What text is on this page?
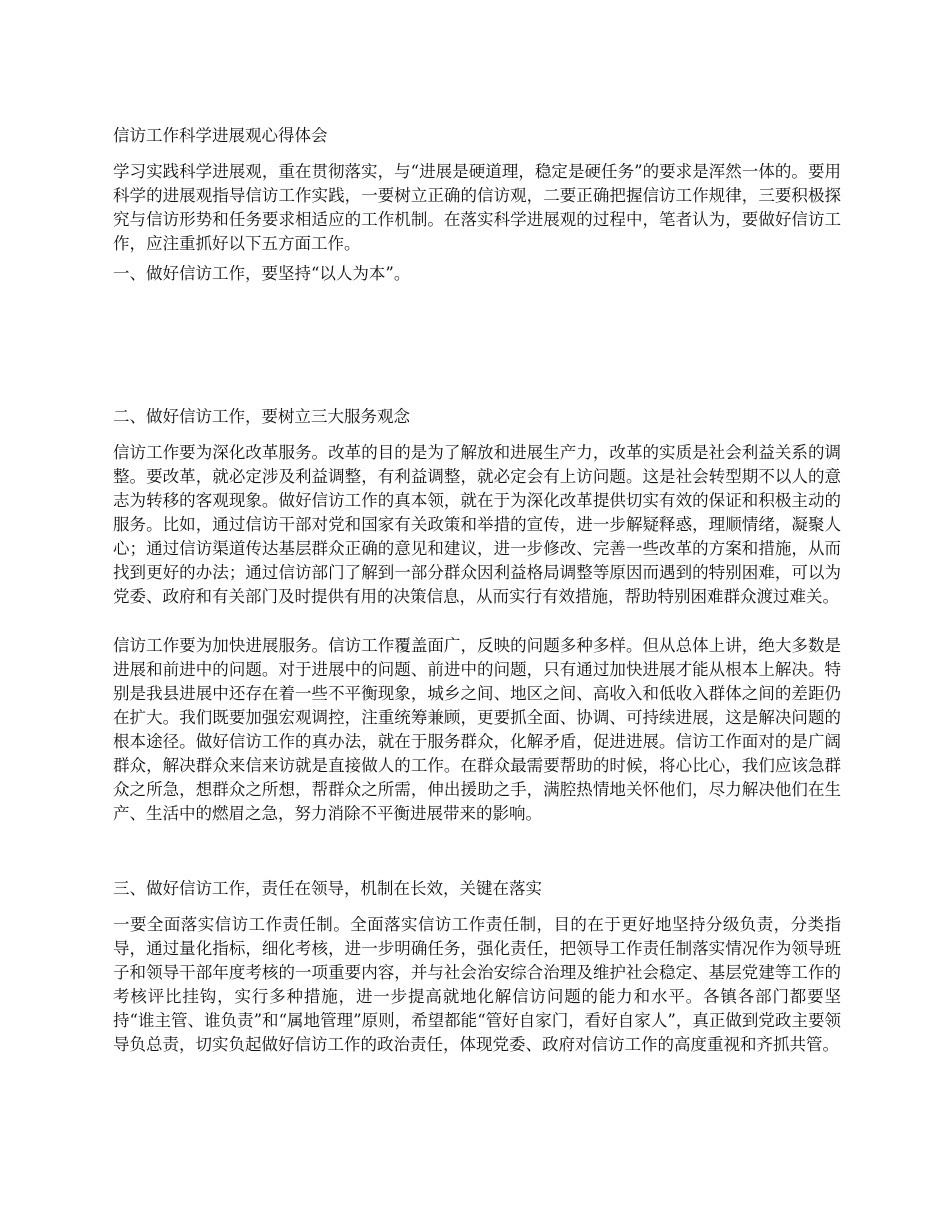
信访工作科学进展观心得体会

学习实践科学进展观，重在贯彻落实，与“进展是硬道理，稳定是硬任务”的要求是浑然一体的。要用科学的进展观指导信访工作实践，一要树立正确的信访观，二要正确把握信访工作规律，三要积极探究与信访形势和任务要求相适应的工作机制。在落实科学进展观的过程中，笔者认为，要做好信访工作，应注重抓好以下五方面工作。

一、做好信访工作，要坚持“以人为本”。

二、做好信访工作，要树立三大服务观念

信访工作要为深化改革服务。改革的目的是为了解放和进展生产力，改革的实质是社会利益关系的调整。要改革，就必定涉及利益调整，有利益调整，就必定会有上访问题。这是社会转型期不以人的意志为转移的客观现象。做好信访工作的真本领，就在于为深化改革提供切实有效的保证和积极主动的服务。比如，通过信访干部对党和国家有关政策和举措的宣传，进一步解疑释惑，理顺情绪，凝聚人心；通过信访渠道传达基层群众正确的意见和建议，进一步修改、完善一些改革的方案和措施，从而找到更好的办法；通过信访部门了解到一部分群众因利益格局调整等原因而遇到的特别困难，可以为党委、政府和有关部门及时提供有用的决策信息，从而实行有效措施，帮助特别困难群众渡过难关。

信访工作要为加快进展服务。信访工作覆盖面广，反映的问题多种多样。但从总体上讲，绝大多数是进展和前进中的问题。对于进展中的问题、前进中的问题，只有通过加快进展才能从根本上解决。特别是我县进展中还存在着一些不平衡现象，城乡之间、地区之间、高收入和低收入群体之间的差距仍在扩大。我们既要加强宏观调控，注重统筹兼顾，更要抓全面、协调、可持续进展，这是解决问题的根本途径。做好信访工作的真办法，就在于服务群众，化解矛盾，促进进展。信访工作面对的是广阔群众，解决群众来信来访就是直接做人的工作。在群众最需要帮助的时候，将心比心，我们应该急群众之所急，想群众之所想，帮群众之所需，伸出援助之手，满腔热情地关怀他们，尽力解决他们在生产、生活中的燃眉之急，努力消除不平衡进展带来的影响。

三、做好信访工作，责任在领导，机制在长效，关键在落实

一要全面落实信访工作责任制。全面落实信访工作责任制，目的在于更好地坚持分级负责，分类指导，通过量化指标，细化考核，进一步明确任务，强化责任，把领导工作责任制落实情况作为领导班子和领导干部年度考核的一项重要内容，并与社会治安综合治理及维护社会稳定、基层党建等工作的考核评比挂钩，实行多种措施，进一步提高就地化解信访问题的能力和水平。各镇各部门都要坚持“谁主管、谁负责”和“属地管理”原则，希望都能“管好自家门，看好自家人”，真正做到党政主要领导负总责，切实负起做好信访工作的政治责任，体现党委、政府对信访工作的高度重视和齐抓共管。
